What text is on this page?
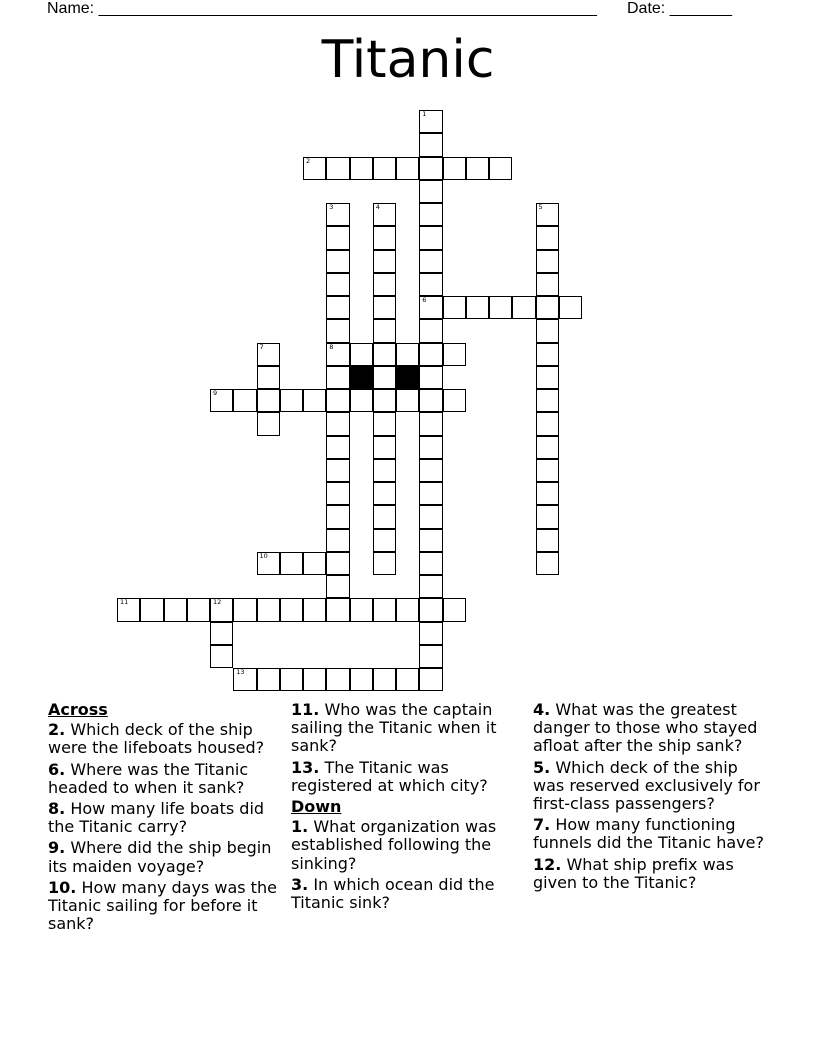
Name: ________________________________________________________ Date: _______
Titanic
1
2
3	4	5
6
7	8
9
10
11	12
13
Across
2. Which deck of the ship were the lifeboats housed?
6. Where was the Titanic headed to when it sank?
8. How many life boats did the Titanic carry?
9. Where did the ship begin its maiden voyage?
10. How many days was the Titanic sailing for before it sank?
11. Who was the captain sailing the Titanic when it sank?
13. The Titanic was registered at which city?
Down
1. What organization was established following the sinking?
3. In which ocean did the Titanic sink?
4. What was the greatest danger to those who stayed afloat after the ship sank?
5. Which deck of the ship was reserved exclusively for first-class passengers?
7. How many functioning funnels did the Titanic have?
12. What ship prefix was given to the Titanic?
